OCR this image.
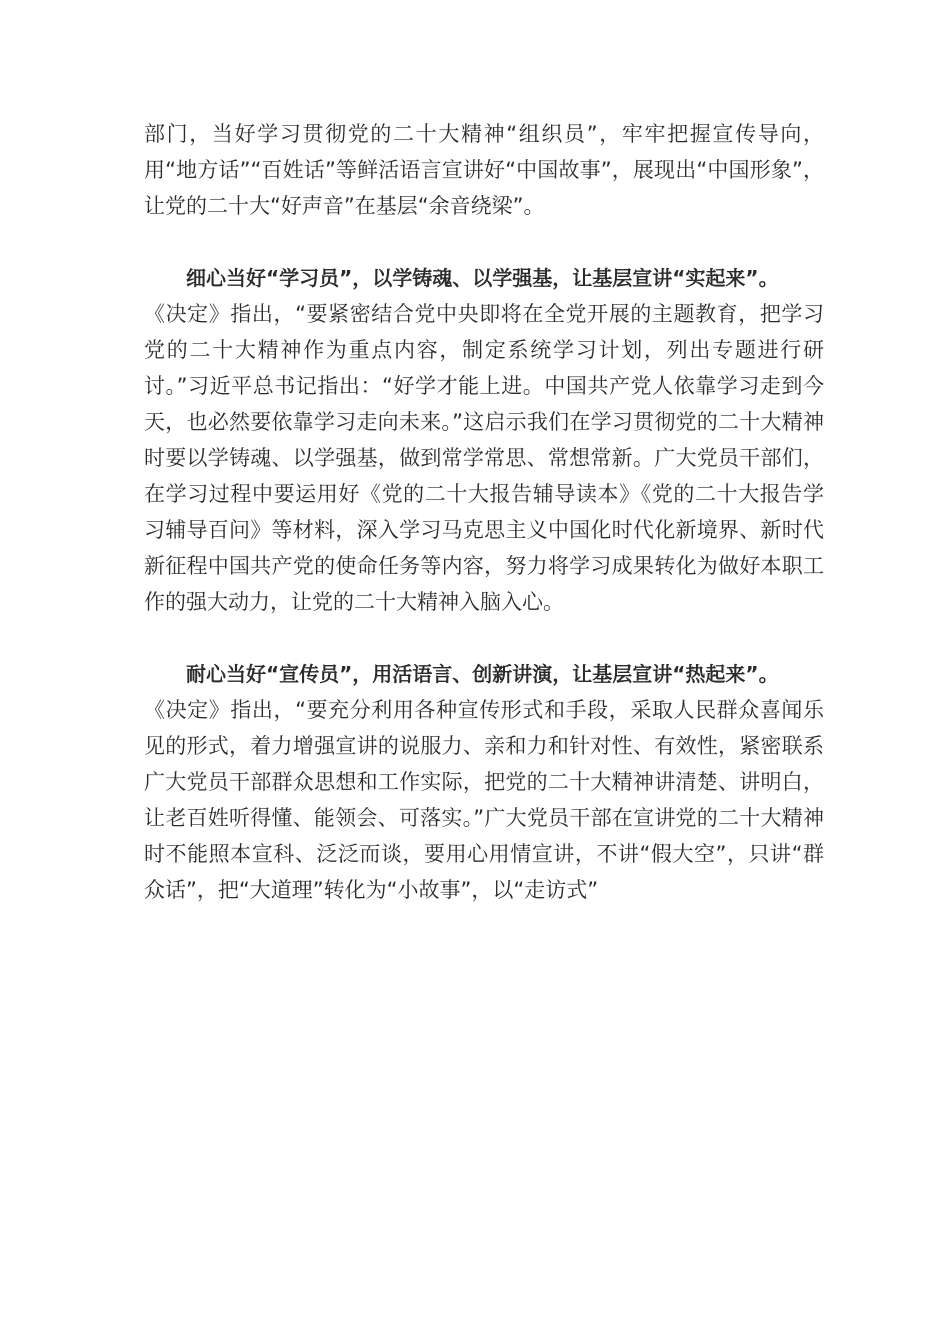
部门，当好学习贯彻党的二十大精神“组织员”，牢牢把握宣传导向， 用“地方话”“百姓话”等鲜活语言宣讲好“中国故事”，展现出“中国形象”，让党的二十大“好声音”在基层“余音绕梁”。

细心当好“学习员”，以学铸魂、以学强基，让基层宣讲“实起来”。

《决定》指出，“要紧密结合党中央即将在全党开展的主题教育，把学习党的二十大精神作为重点内容，制定系统学习计划，列出专题进行研讨。”习近平总书记指出：“好学才能上进。中国共产党人依靠学习走到今天，也必然要依靠学习走向未来。”这启示我们在学习贯彻党的二十大精神时要以学铸魂、以学强基，做到常学常思、常想常新。广大党员干部们，在学习过程中要运用好《党的二十大报告辅导读本》《党的二十大报告学习辅导百问》等材料，深入学习马克思主义中国化时代化新境界、新时代新征程中国共产党的使命任务等内容，努力将学习成果转化为做好本职工作的强大动力，让党的二十大精神入脑入心。

耐心当好“宣传员”，用活语言、创新讲演，让基层宣讲“热起来”。

《决定》指出，“要充分利用各种宣传形式和手段，采取人民群众喜闻乐见的形式，着力增强宣讲的说服力、亲和力和针对性、有效性，紧密联系广大党员干部群众思想和工作实际，把党的二十大精神讲清楚、讲明白，让老百姓听得懂、能领会、可落实。”广大党员干部在宣讲党的二十大精神时不能照本宣科、泛泛而谈，要用心用情宣讲，不讲“假大空”，只讲“群众话”，把“大道理”转化为“小故事”，以“走访式”
